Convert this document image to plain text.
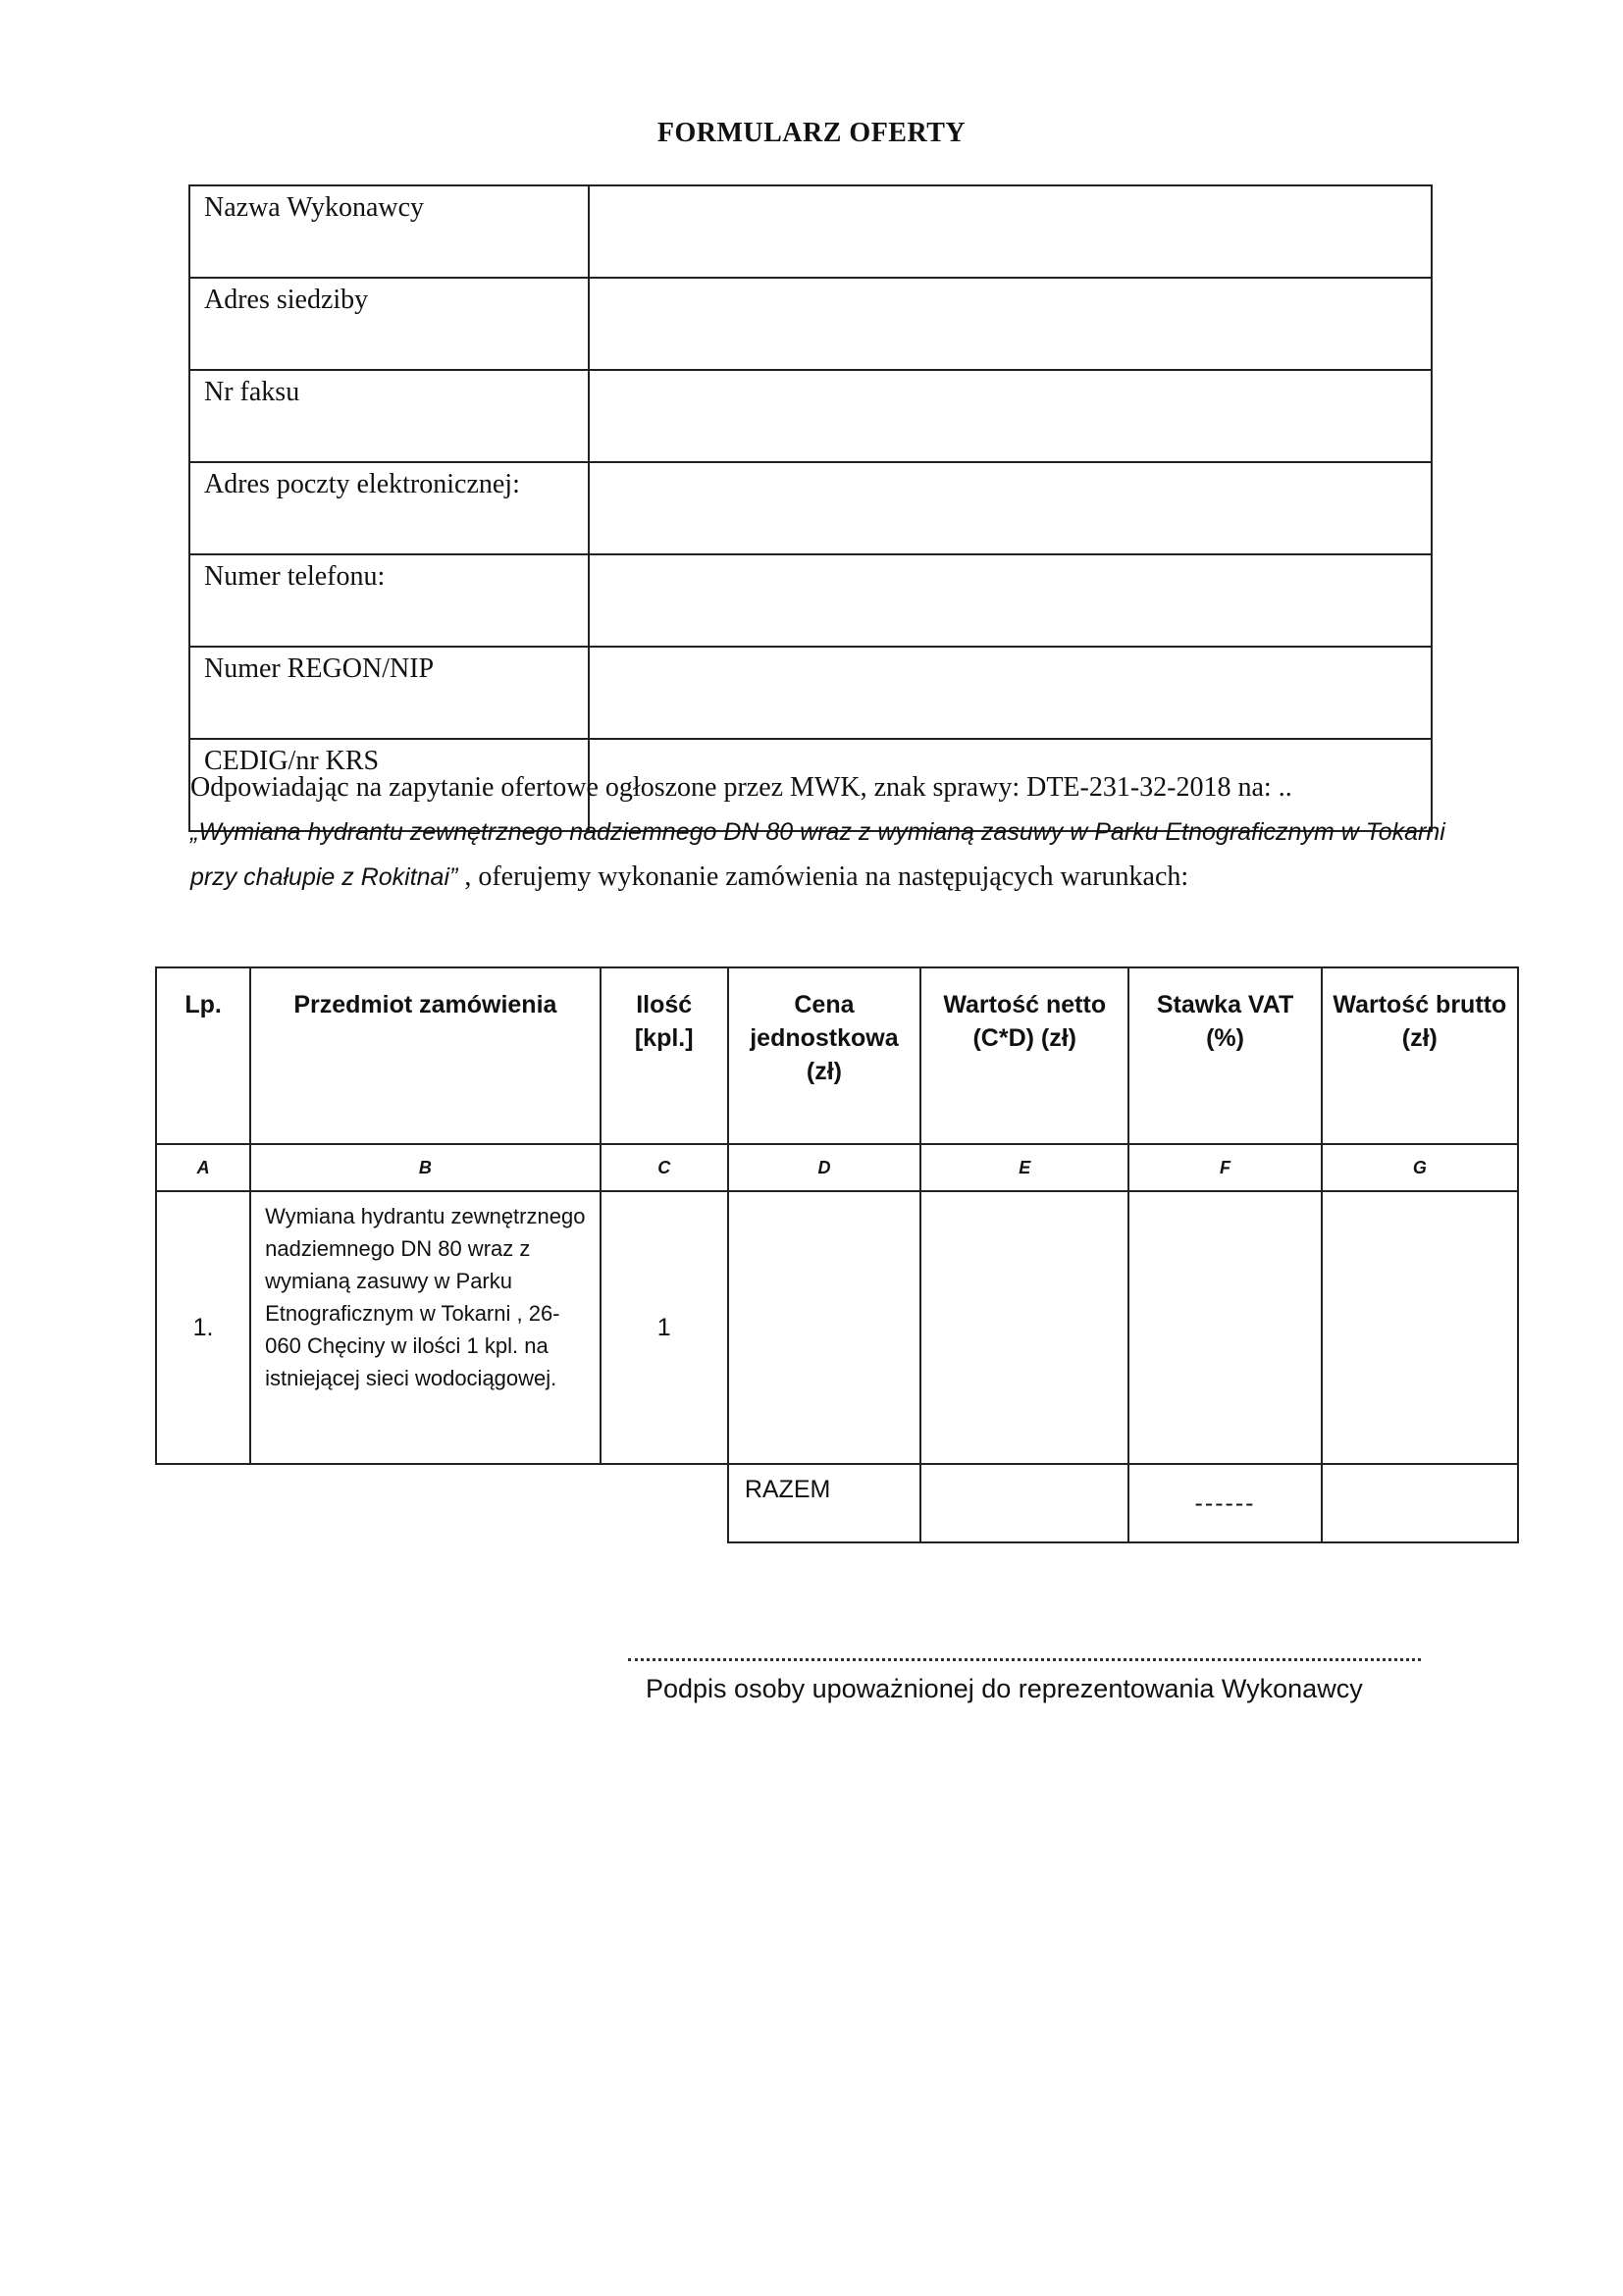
FORMULARZ OFERTY
Nazwa Wykonawcy	
Adres siedziby	
Nr faksu	
Adres poczty elektronicznej:	
Numer telefonu:	
Numer REGON/NIP	
CEDIG/nr KRS	
Odpowiadając na zapytanie ofertowe ogłoszone przez MWK, znak sprawy: DTE-231-32-2018 na: ..
„Wymiana hydrantu zewnętrznego nadziemnego DN 80 wraz z wymianą zasuwy w Parku Etnograficznym w Tokarni przy chałupie z Rokitnai” , oferujemy wykonanie zamówienia na następujących warunkach:
Lp.	Przedmiot zamówienia	Ilość [kpl.]	Cena jednostkowa (zł)	Wartość netto (C*D) (zł)	Stawka VAT (%)	Wartość brutto (zł)
A	B	C	D	E	F	G
1.	Wymiana hydrantu zewnętrznego nadziemnego DN 80 wraz z wymianą zasuwy w Parku Etnograficznym w Tokarni , 26-060 Chęciny w ilości 1 kpl. na istniejącej sieci wodociągowej.	1				
			RAZEM		------	
Podpis osoby upoważnionej do reprezentowania Wykonawcy
